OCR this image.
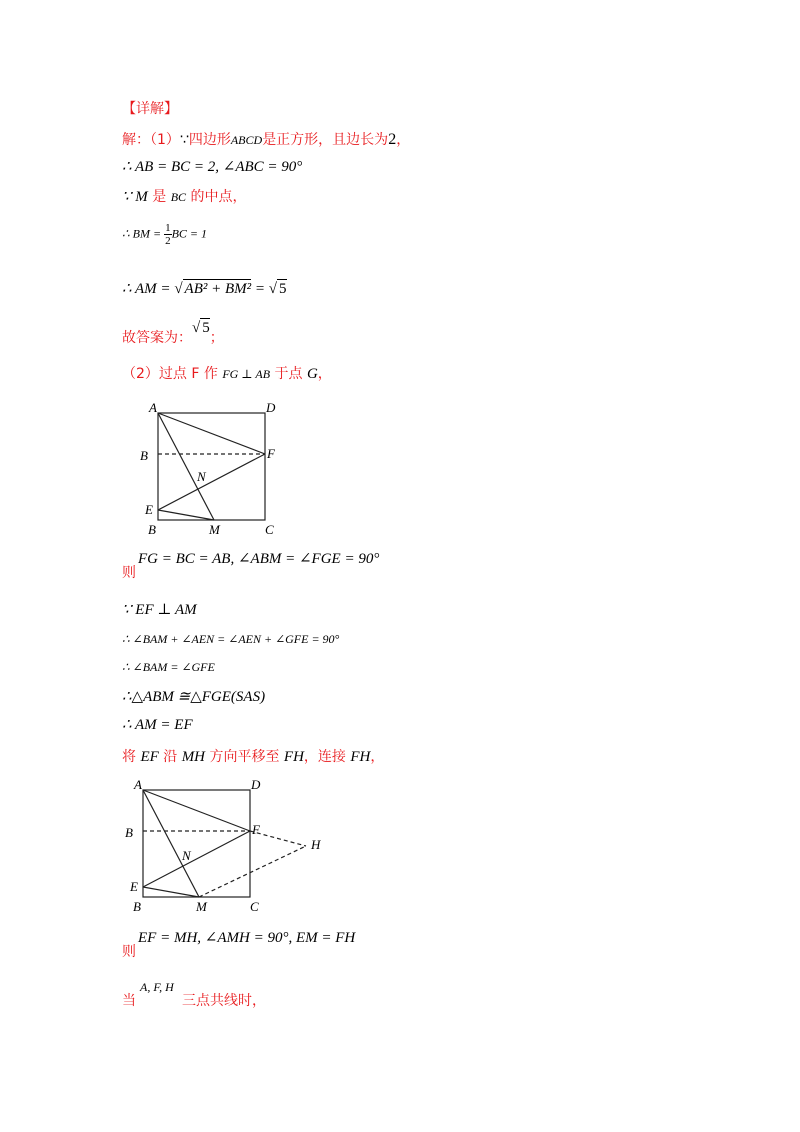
【详解】
解：（1）∵四边形ABCD是正方形，且边长为2，
∴ AB = BC = 2, ∠ABC = 90°
∵ M 是 BC 的中点，
∴ BM = $\frac{1}{2}$ BC = 1
∴ AM = √ AB² + BM² = √ 5
故答案为：√ 5；
（2）过点 F 作 FG ⊥ AB 于点 G，
A	D
B	F
N
E
B	M	C
FG = BC = AB, ∠ABM = ∠FGE = 90°
则
∵ EF ⊥ AM
∴ ∠BAM + ∠AEN = ∠AEN + ∠GFE = 90°
∴ ∠BAM = ∠GFE
∴△ABM ≅△FGE(SAS)
∴ AM = EF
将 EF 沿 MH 方向平移至 FH，连接 FH，
A	D
B	F
H
N
E
B	M	C
EF = MH, ∠AMH = 90°, EM = FH
则
当
A, F, H
三点共线时，
